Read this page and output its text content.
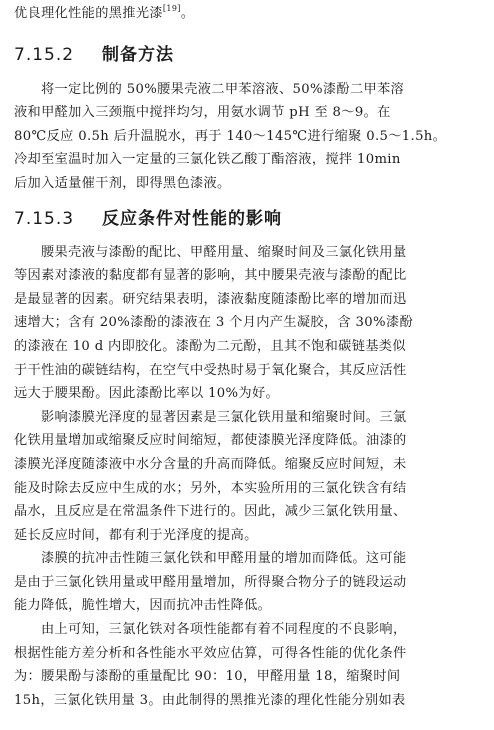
优良理化性能的黑推光漆[19]。
7.15.2	制备方法
将一定比例的 50%腰果壳液二甲苯溶液、50%漆酚二甲苯溶
液和甲醛加入三颈瓶中搅拌均匀，用氨水调节 pH 至 8～9。在
80℃反应 0.5h 后升温脱水，再于 140～145℃进行缩聚 0.5～1.5h。
冷却至室温时加入一定量的三氯化铁乙酸丁酯溶液，搅拌 10min
后加入适量催干剂，即得黑色漆液。
7.15.3	反应条件对性能的影响
腰果壳液与漆酚的配比、甲醛用量、缩聚时间及三氯化铁用量
等因素对漆液的黏度都有显著的影响，其中腰果壳液与漆酚的配比
是最显著的因素。研究结果表明，漆液黏度随漆酚比率的增加而迅
速增大；含有 20%漆酚的漆液在 3 个月内产生凝胶，含 30%漆酚
的漆液在 10 d 内即胶化。漆酚为二元酚，且其不饱和碳链基类似
于干性油的碳链结构，在空气中受热时易于氧化聚合，其反应活性
远大于腰果酚。因此漆酚比率以 10%为好。
影响漆膜光泽度的显著因素是三氯化铁用量和缩聚时间。三氯
化铁用量增加或缩聚反应时间缩短，都使漆膜光泽度降低。油漆的
漆膜光泽度随漆液中水分含量的升高而降低。缩聚反应时间短，未
能及时除去反应中生成的水；另外，本实验所用的三氯化铁含有结
晶水，且反应是在常温条件下进行的。因此，减少三氯化铁用量、
延长反应时间，都有利于光泽度的提高。
漆膜的抗冲击性随三氯化铁和甲醛用量的增加而降低。这可能
是由于三氯化铁用量或甲醛用量增加，所得聚合物分子的链段运动
能力降低，脆性增大，因而抗冲击性降低。
由上可知，三氯化铁对各项性能都有着不同程度的不良影响，
根据性能方差分析和各性能水平效应估算，可得各性能的优化条件
为：腰果酚与漆酚的重量配比 90：10，甲醛用量 18，缩聚时间
15h，三氯化铁用量 3。由此制得的黑推光漆的理化性能分别如表
